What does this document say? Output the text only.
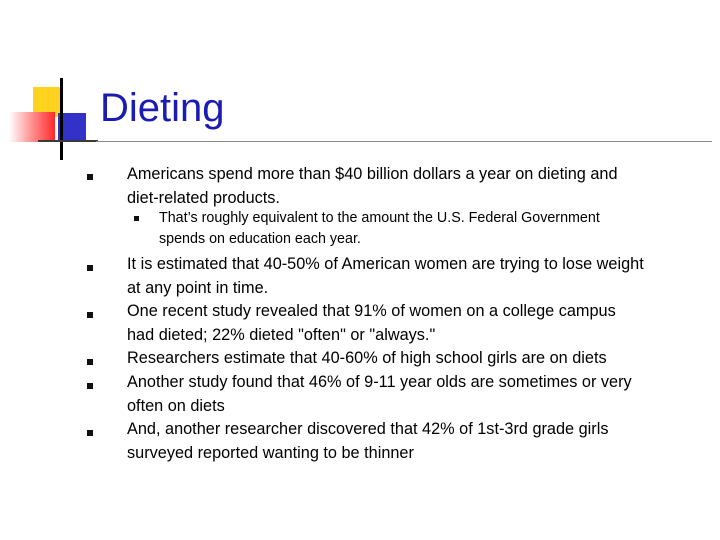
Dieting
Americans spend more than $40 billion dollars a year on dieting and
diet-related products.
That’s roughly equivalent to the amount the U.S. Federal Government
spends on education each year.
It is estimated that 40-50% of American women are trying to lose weight
at any point in time.
One recent study revealed that 91% of women on a college campus
had dieted; 22% dieted "often" or "always."
Researchers estimate that 40-60% of high school girls are on diets
Another study found that 46% of 9-11 year olds are sometimes or very
often on diets
And, another researcher discovered that 42% of 1st-3rd grade girls
surveyed reported wanting to be thinner
